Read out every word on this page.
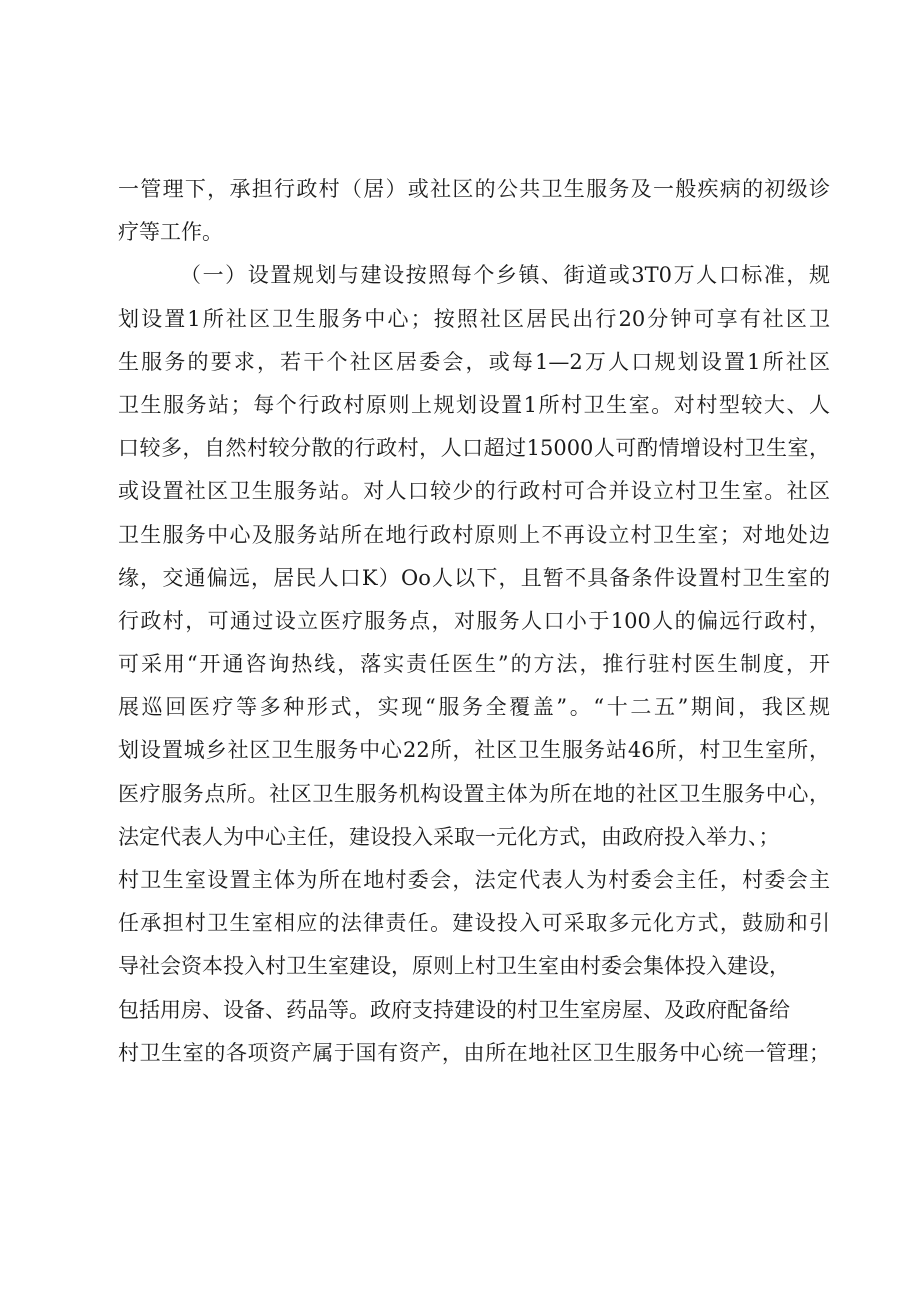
一管理下，承担行政村（居）或社区的公共卫生服务及一般疾病的初级诊
疗等工作。
（一）设置规划与建设按照每个乡镇、街道或3T0万人口标准，规
划设置1所社区卫生服务中心；按照社区居民出行20分钟可享有社区卫
生服务的要求，若干个社区居委会，或每1—2万人口规划设置1所社区
卫生服务站；每个行政村原则上规划设置1所村卫生室。对村型较大、人
口较多，自然村较分散的行政村，人口超过15000人可酌情增设村卫生室，
或设置社区卫生服务站。对人口较少的行政村可合并设立村卫生室。社区
卫生服务中心及服务站所在地行政村原则上不再设立村卫生室；对地处边
缘，交通偏远，居民人口K）Oo人以下，且暂不具备条件设置村卫生室的
行政村，可通过设立医疗服务点，对服务人口小于100人的偏远行政村，
可采用“开通咨询热线，落实责任医生”的方法，推行驻村医生制度，开
展巡回医疗等多种形式，实现“服务全覆盖”。“十二五”期间，我区规
划设置城乡社区卫生服务中心22所，社区卫生服务站46所，村卫生室所，
医疗服务点所。社区卫生服务机构设置主体为所在地的社区卫生服务中心，
法定代表人为中心主任，建设投入采取一元化方式，由政府投入举力、；
村卫生室设置主体为所在地村委会，法定代表人为村委会主任，村委会主
任承担村卫生室相应的法律责任。建设投入可采取多元化方式，鼓励和引
导社会资本投入村卫生室建设，原则上村卫生室由村委会集体投入建设，
包括用房、设备、药品等。政府支持建设的村卫生室房屋、及政府配备给
村卫生室的各项资产属于国有资产，由所在地社区卫生服务中心统一管理；
